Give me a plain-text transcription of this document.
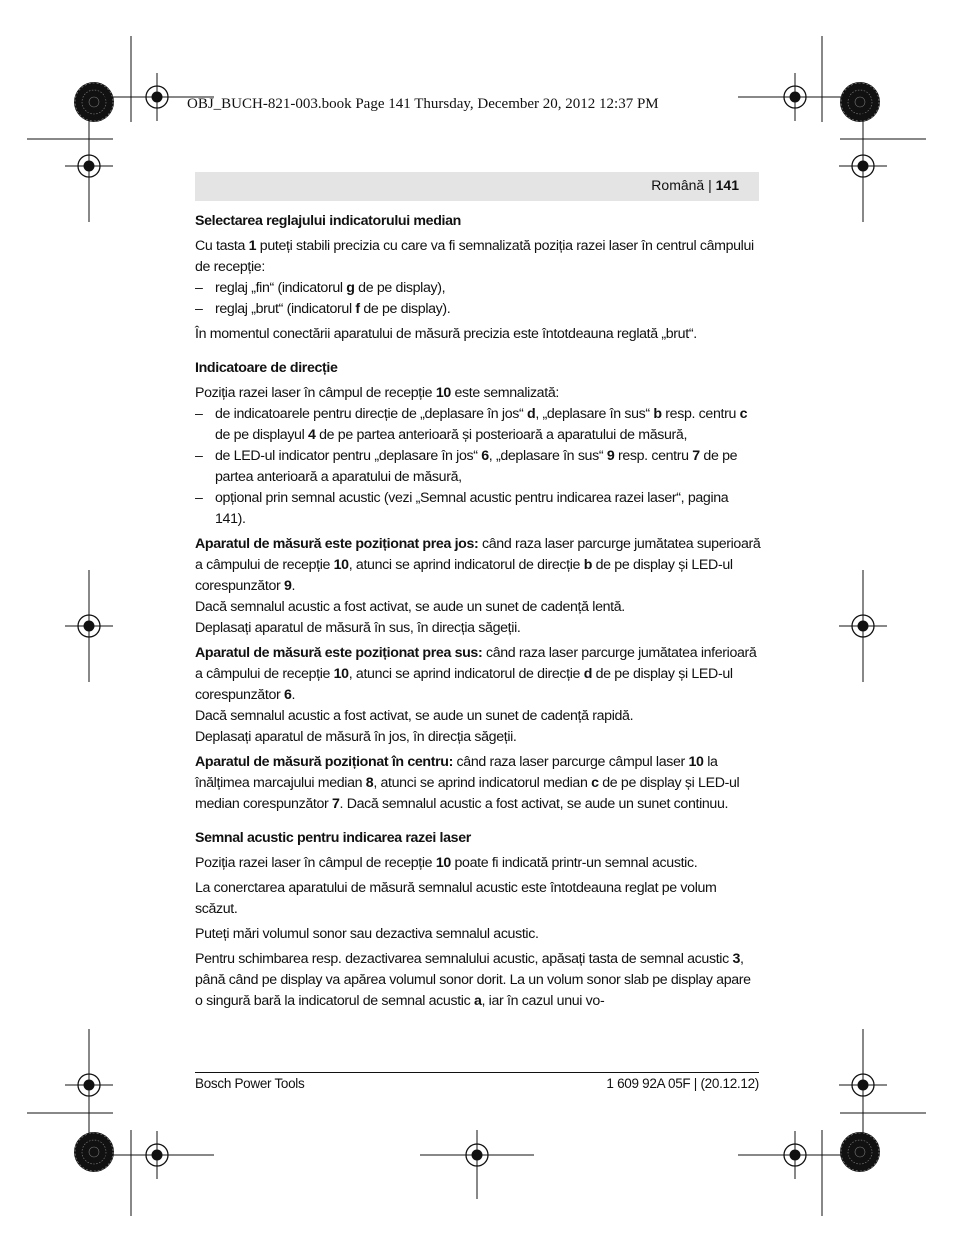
OBJ_BUCH-821-003.book Page 141 Thursday, December 20, 2012 12:37 PM
Română | 141

Selectarea reglajului indicatorului median

Cu tasta 1 puteți stabili precizia cu care va fi semnalizată poziția razei laser în centrul câmpului de recepție:

– reglaj „fin“ (indicatorul g de pe display),

– reglaj „brut“ (indicatorul f de pe display).

În momentul conectării aparatului de măsură precizia este întotdeauna reglată „brut“.

Indicatoare de direcție

Poziția razei laser în câmpul de recepție 10 este semnalizată:

– de indicatoarele pentru direcție de „deplasare în jos“ d, „deplasare în sus“ b resp. centru c de pe displayul 4 de pe partea anterioară și posterioară a aparatului de măsură,

– de LED-ul indicator pentru „deplasare în jos“ 6, „deplasare în sus“ 9 resp. centru 7 de pe partea anterioară a aparatului de măsură,

– opțional prin semnal acustic (vezi „Semnal acustic pentru indicarea razei laser“, pagina 141).

Aparatul de măsură este poziționat prea jos: când raza laser parcurge jumătatea superioară a câmpului de recepție 10, atunci se aprind indicatorul de direcție b de pe display și LED-ul corespunzător 9.

Dacă semnalul acustic a fost activat, se aude un sunet de cadență lentă.

Deplasați aparatul de măsură în sus, în direcția săgeții.

Aparatul de măsură este poziționat prea sus: când raza laser parcurge jumătatea inferioară a câmpului de recepție 10, atunci se aprind indicatorul de direcție d de pe display și LED-ul corespunzător 6.

Dacă semnalul acustic a fost activat, se aude un sunet de cadență rapidă.

Deplasați aparatul de măsură în jos, în direcția săgeții.

Aparatul de măsură poziționat în centru: când raza laser parcurge câmpul laser 10 la înălțimea marcajului median 8, atunci se aprind indicatorul median c de pe display și LED-ul median corespunzător 7. Dacă semnalul acustic a fost activat, se aude un sunet continuu.

Semnal acustic pentru indicarea razei laser

Poziția razei laser în câmpul de recepție 10 poate fi indicată printr-un semnal acustic.

La conerctarea aparatului de măsură semnalul acustic este întotdeauna reglat pe volum scăzut.

Puteți mări volumul sonor sau dezactiva semnalul acustic.

Pentru schimbarea resp. dezactivarea semnalului acustic, apăsați tasta de semnal acustic 3, până când pe display va apărea volumul sonor dorit. La un volum sonor slab pe display apare o singură bară la indicatorul de semnal acustic a, iar în cazul unui vo-

Bosch Power Tools	1 609 92A 05F | (20.12.12)
